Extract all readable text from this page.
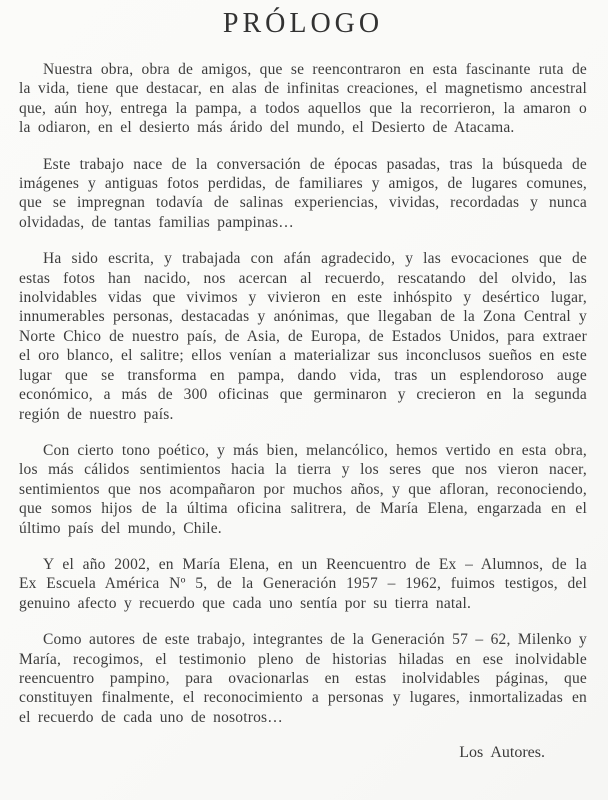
PRÓLOGO

Nuestra obra, obra de amigos, que se reencontraron en esta fascinante ruta de la vida, tiene que destacar, en alas de infinitas creaciones, el magnetismo ancestral que, aún hoy, entrega la pampa, a todos aquellos que la recorrieron, la amaron o la odiaron, en el desierto más árido del mundo, el Desierto de Atacama.

Este trabajo nace de la conversación de épocas pasadas, tras la búsqueda de imágenes y antiguas fotos perdidas, de familiares y amigos, de lugares comunes, que se impregnan todavía de salinas experiencias, vividas, recordadas y nunca olvidadas, de tantas familias pampinas…

Ha sido escrita, y trabajada con afán agradecido, y las evocaciones que de estas fotos han nacido, nos acercan al recuerdo, rescatando del olvido, las inolvidables vidas que vivimos y vivieron en este inhóspito y desértico lugar, innumerables personas, destacadas y anónimas, que llegaban de la Zona Central y Norte Chico de nuestro país, de Asia, de Europa, de Estados Unidos, para extraer el oro blanco, el salitre; ellos venían a materializar sus inconclusos sueños en este lugar que se transforma en pampa, dando vida, tras un esplendoroso auge económico, a más de 300 oficinas que germinaron y crecieron en la segunda región de nuestro país.

Con cierto tono poético, y más bien, melancólico, hemos vertido en esta obra, los más cálidos sentimientos hacia la tierra y los seres que nos vieron nacer, sentimientos que nos acompañaron por muchos años, y que afloran, reconociendo, que somos hijos de la última oficina salitrera, de María Elena, engarzada en el último país del mundo, Chile.

Y el año 2002, en María Elena, en un Reencuentro de Ex – Alumnos, de la Ex Escuela América Nº 5, de la Generación 1957 – 1962, fuimos testigos, del genuino afecto y recuerdo que cada uno sentía por su tierra natal.

Como autores de este trabajo, integrantes de la Generación 57 – 62, Milenko y María, recogimos, el testimonio pleno de historias hiladas en ese inolvidable reencuentro pampino, para ovacionarlas en estas inolvidables páginas, que constituyen finalmente, el reconocimiento a personas y lugares, inmortalizadas en el recuerdo de cada uno de nosotros…

Los Autores.
